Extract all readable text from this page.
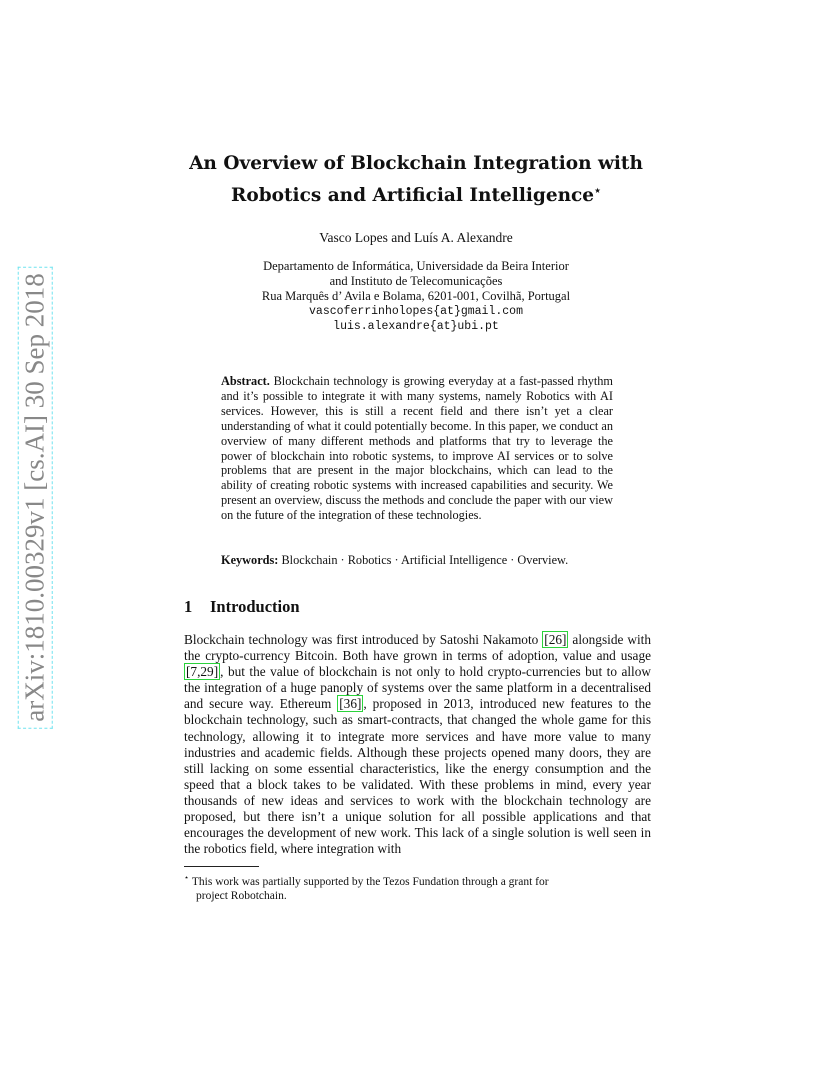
arXiv:1810.00329v1 [cs.AI] 30 Sep 2018
An Overview of Blockchain Integration with
Robotics and Artificial Intelligence⋆
Vasco Lopes and Luís A. Alexandre
Departamento de Informática, Universidade da Beira Interior
and Instituto de Telecomunicações
Rua Marquês d’ Avila e Bolama, 6201-001, Covilhã, Portugal
vascoferrinholopes{at}gmail.com
luis.alexandre{at}ubi.pt
Abstract. Blockchain technology is growing everyday at a fast-passed rhythm and it’s possible to integrate it with many systems, namely Robotics with AI services. However, this is still a recent field and there isn’t yet a clear understanding of what it could potentially become. In this paper, we conduct an overview of many different methods and platforms that try to leverage the power of blockchain into robotic systems, to improve AI services or to solve problems that are present in the major blockchains, which can lead to the ability of creating robotic systems with increased capabilities and security. We present an overview, discuss the methods and conclude the paper with our view on the future of the integration of these technologies.
Keywords: Blockchain · Robotics · Artificial Intelligence · Overview.
1 Introduction
Blockchain technology was first introduced by Satoshi Nakamoto [26] alongside with the crypto-currency Bitcoin. Both have grown in terms of adoption, value and usage [7,29] , but the value of blockchain is not only to hold crypto-currencies but to allow the integration of a huge panoply of systems over the same platform in a decentralised and secure way. Ethereum [36] , proposed in 2013, introduced new features to the blockchain technology, such as smart-contracts, that changed the whole game for this technology, allowing it to integrate more services and have more value to many industries and academic fields. Although these projects opened many doors, they are still lacking on some essential characteristics, like the energy consumption and the speed that a block takes to be validated. With these problems in mind, every year thousands of new ideas and services to work with the blockchain technology are proposed, but there isn’t a unique solution for all possible applications and that encourages the development of new work. This lack of a single solution is well seen in the robotics field, where integration with
⋆ This work was partially supported by the Tezos Fundation through a grant for
project Robotchain.
